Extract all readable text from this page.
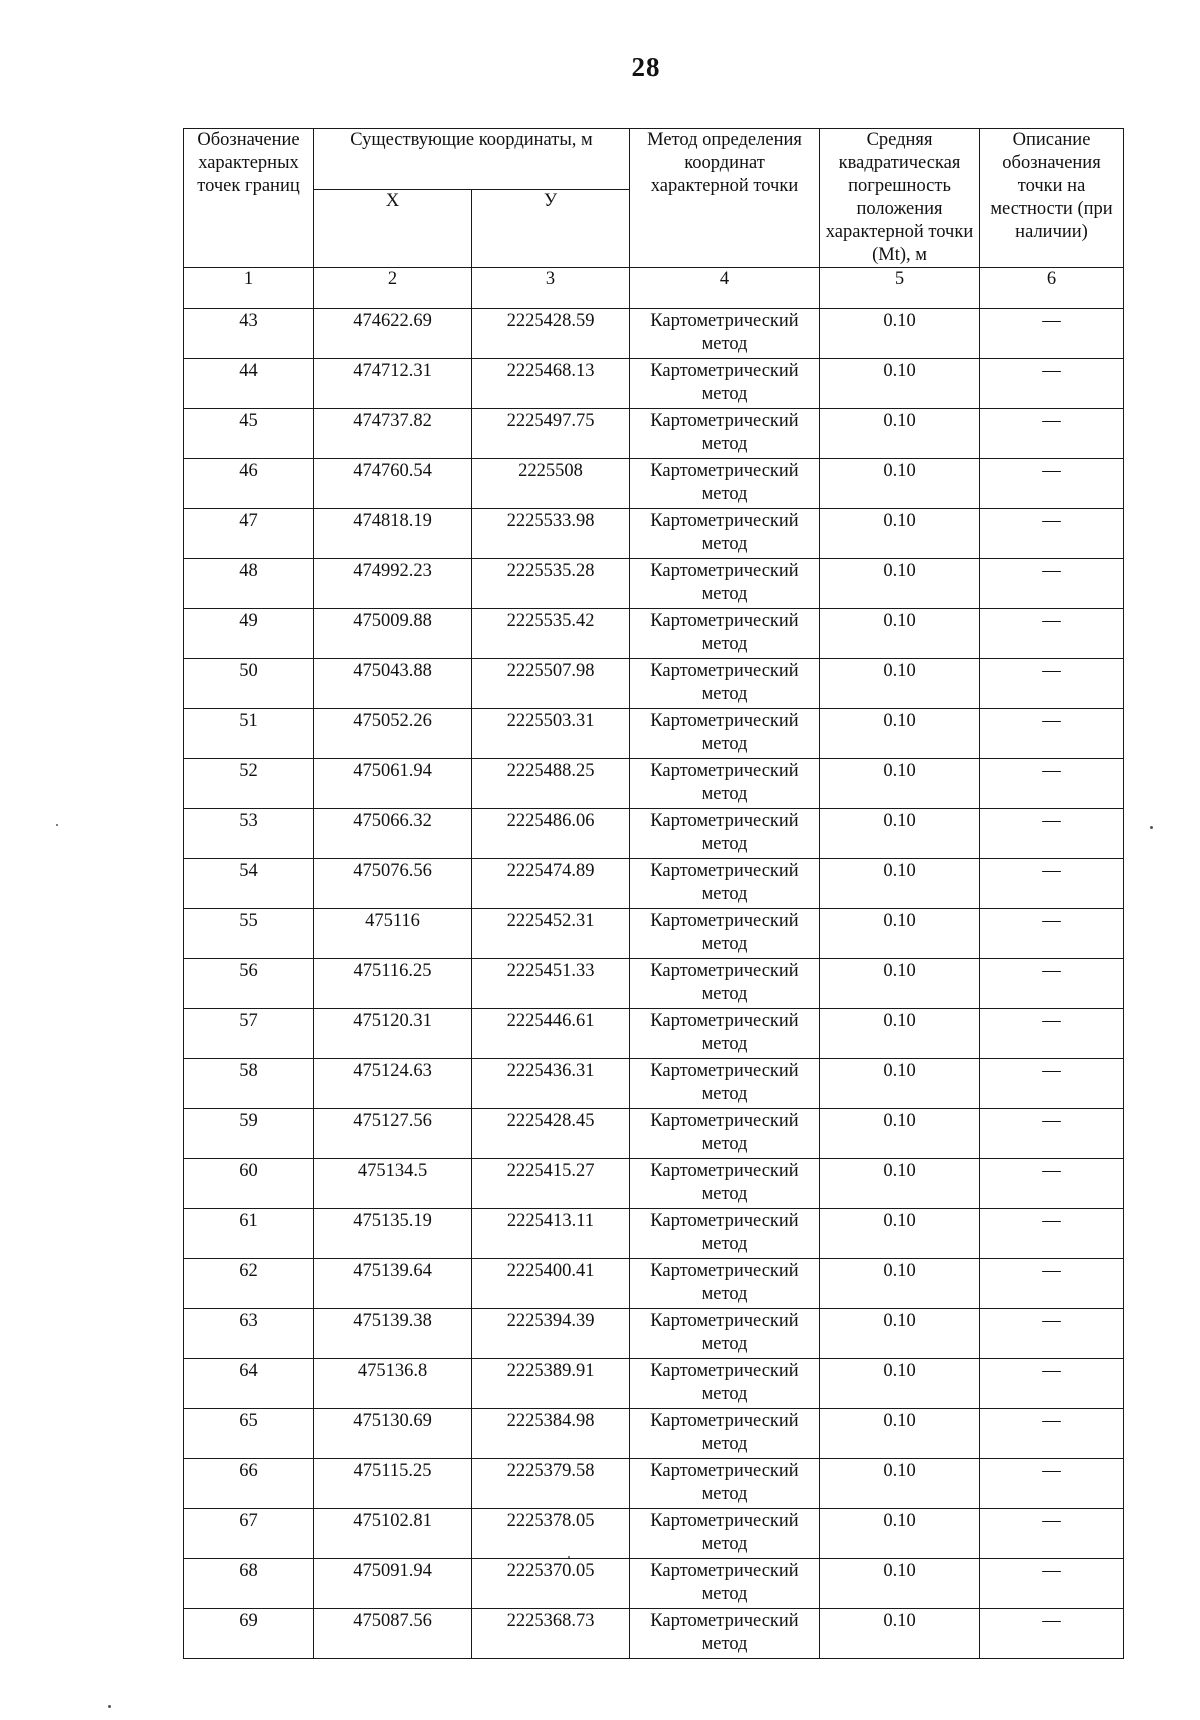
28
Обозначение характерных точек границ	Существующие координаты, м		Метод определения координат характерной точки	Средняя квадратическая погрешность положения характерной точки (Mt), м	Описание обозначения точки на местности (при наличии)
	X	У			
1	2	3	4	5	6
43	474622.69	2225428.59	Картометрический метод	0.10	—
44	474712.31	2225468.13	Картометрический метод	0.10	—
45	474737.82	2225497.75	Картометрический метод	0.10	—
46	474760.54	2225508	Картометрический метод	0.10	—
47	474818.19	2225533.98	Картометрический метод	0.10	—
48	474992.23	2225535.28	Картометрический метод	0.10	—
49	475009.88	2225535.42	Картометрический метод	0.10	—
50	475043.88	2225507.98	Картометрический метод	0.10	—
51	475052.26	2225503.31	Картометрический метод	0.10	—
52	475061.94	2225488.25	Картометрический метод	0.10	—
53	475066.32	2225486.06	Картометрический метод	0.10	—
54	475076.56	2225474.89	Картометрический метод	0.10	—
55	475116	2225452.31	Картометрический метод	0.10	—
56	475116.25	2225451.33	Картометрический метод	0.10	—
57	475120.31	2225446.61	Картометрический метод	0.10	—
58	475124.63	2225436.31	Картометрический метод	0.10	—
59	475127.56	2225428.45	Картометрический метод	0.10	—
60	475134.5	2225415.27	Картометрический метод	0.10	—
61	475135.19	2225413.11	Картометрический метод	0.10	—
62	475139.64	2225400.41	Картометрический метод	0.10	—
63	475139.38	2225394.39	Картометрический метод	0.10	—
64	475136.8	2225389.91	Картометрический метод	0.10	—
65	475130.69	2225384.98	Картометрический метод	0.10	—
66	475115.25	2225379.58	Картометрический метод	0.10	—
67	475102.81	2225378.05	Картометрический метод	0.10	—
68	475091.94	2225370.05	Картометрический метод	0.10	—
69	475087.56	2225368.73	Картометрический метод	0.10	—
